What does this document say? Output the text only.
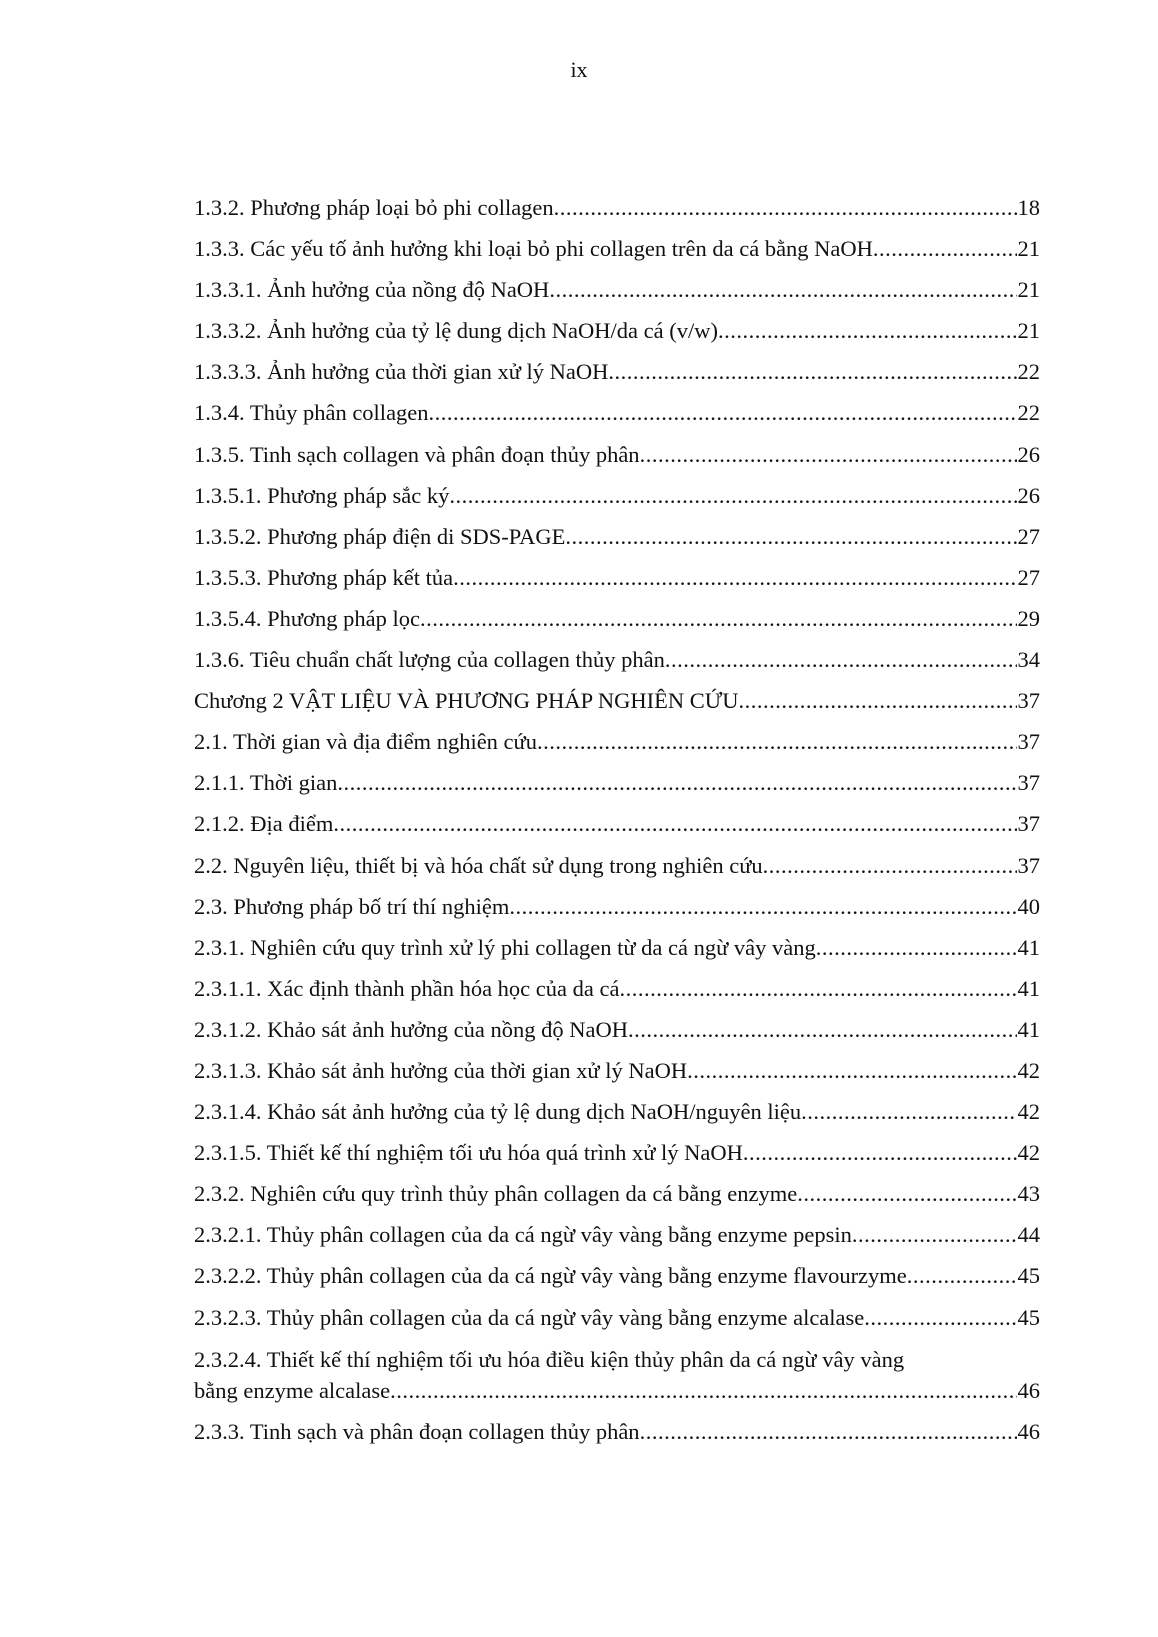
ix
1.3.2. Phương pháp loại bỏ phi collagen .....	18
1.3.3. Các yếu tố ảnh hưởng khi loại bỏ phi collagen trên da cá bằng NaOH .....	21
1.3.3.1. Ảnh hưởng của nồng độ NaOH .....	21
1.3.3.2. Ảnh hưởng của tỷ lệ dung dịch NaOH/da cá (v/w) .....	21
1.3.3.3. Ảnh hưởng của thời gian xử lý NaOH .....	22
1.3.4. Thủy phân collagen .....	22
1.3.5. Tinh sạch collagen và phân đoạn thủy phân .....	26
1.3.5.1. Phương pháp sắc ký .....	26
1.3.5.2. Phương pháp điện di SDS-PAGE .....	27
1.3.5.3. Phương pháp kết tủa .....	27
1.3.5.4. Phương pháp lọc .....	29
1.3.6. Tiêu chuẩn chất lượng của collagen thủy phân .....	34
Chương 2 VẬT LIỆU VÀ PHƯƠNG PHÁP NGHIÊN CỨU .....	37
2.1. Thời gian và địa điểm nghiên cứu .....	37
2.1.1. Thời gian .....	37
2.1.2. Địa điểm .....	37
2.2. Nguyên liệu, thiết bị và hóa chất sử dụng trong nghiên cứu .....	37
2.3. Phương pháp bố trí thí nghiệm .....	40
2.3.1. Nghiên cứu quy trình xử lý phi collagen từ da cá ngừ vây vàng .....	41
2.3.1.1. Xác định thành phần hóa học của da cá .....	41
2.3.1.2. Khảo sát ảnh hưởng của nồng độ NaOH .....	41
2.3.1.3. Khảo sát ảnh hưởng của thời gian xử lý NaOH .....	42
2.3.1.4. Khảo sát ảnh hưởng của tỷ lệ dung dịch NaOH/nguyên liệu .....	42
2.3.1.5. Thiết kế thí nghiệm tối ưu hóa quá trình xử lý NaOH .....	42
2.3.2. Nghiên cứu quy trình thủy phân collagen da cá bằng enzyme .....	43
2.3.2.1. Thủy phân collagen của da cá ngừ vây vàng bằng enzyme pepsin .....	44
2.3.2.2. Thủy phân collagen của da cá ngừ vây vàng bằng enzyme flavourzyme .....	45
2.3.2.3. Thủy phân collagen của da cá ngừ vây vàng bằng enzyme alcalase .....	45
2.3.2.4. Thiết kế thí nghiệm tối ưu hóa điều kiện thủy phân da cá ngừ vây vàng
bằng enzyme alcalase .....	46
2.3.3. Tinh sạch và phân đoạn collagen thủy phân .....	46
